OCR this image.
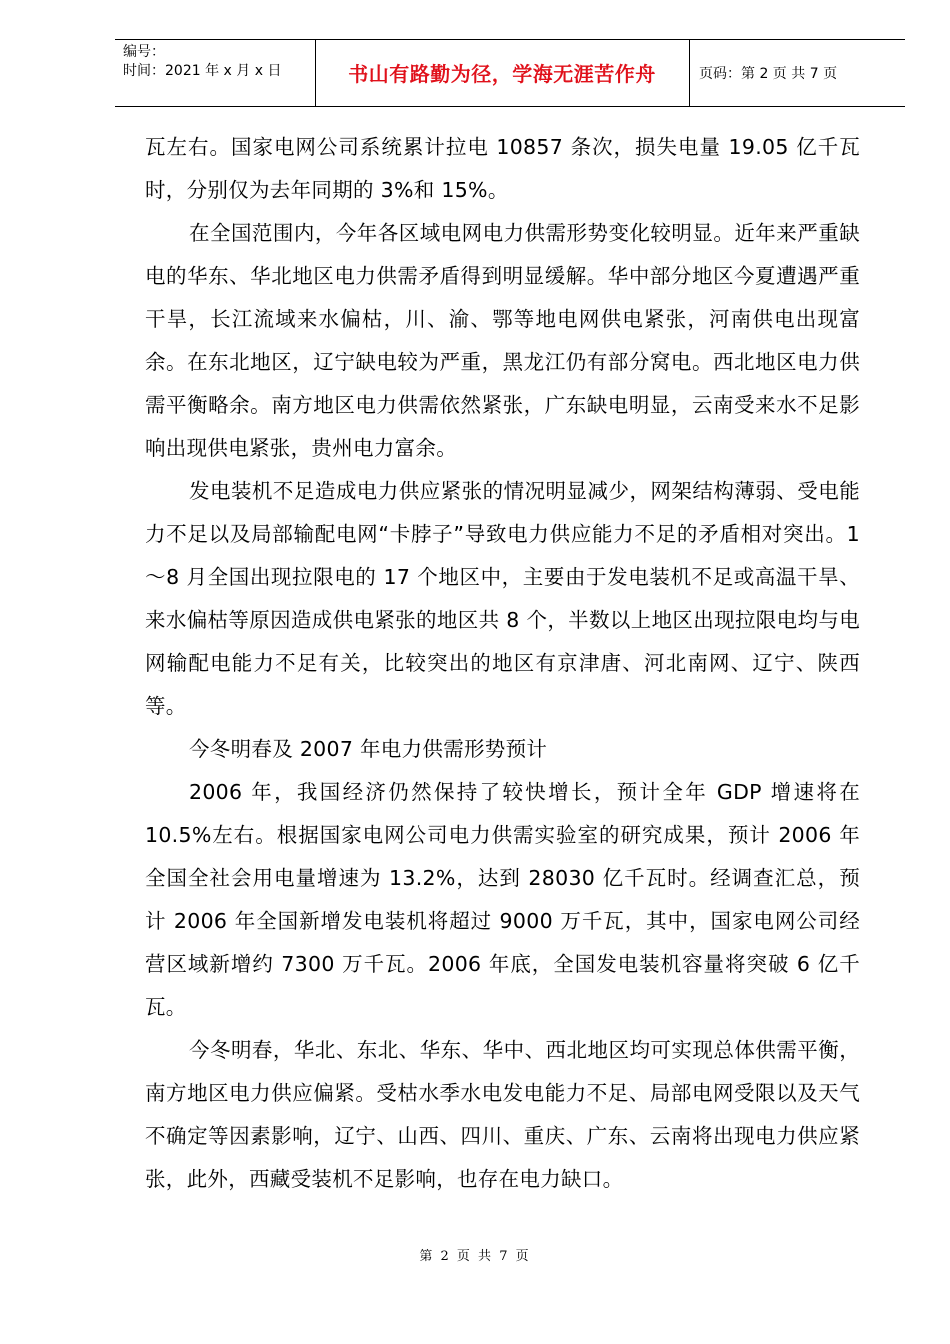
编号：
时间：2021 年 x 月 x 日	书山有路勤为径，学海无涯苦作舟	页码：第 2 页 共 7 页

瓦左右。国家电网公司系统累计拉电 10857 条次，损失电量 19.05 亿千瓦时，分别仅为去年同期的 3%和 15%。

在全国范围内，今年各区域电网电力供需形势变化较明显。近年来严重缺电的华东、华北地区电力供需矛盾得到明显缓解。华中部分地区今夏遭遇严重干旱，长江流域来水偏枯，川、渝、鄂等地电网供电紧张，河南供电出现富余。在东北地区，辽宁缺电较为严重，黑龙江仍有部分窝电。西北地区电力供需平衡略余。南方地区电力供需依然紧张，广东缺电明显，云南受来水不足影响出现供电紧张，贵州电力富余。

发电装机不足造成电力供应紧张的情况明显减少，网架结构薄弱、受电能力不足以及局部输配电网“卡脖子”导致电力供应能力不足的矛盾相对突出。1～8 月全国出现拉限电的 17 个地区中，主要由于发电装机不足或高温干旱、来水偏枯等原因造成供电紧张的地区共 8 个，半数以上地区出现拉限电均与电网输配电能力不足有关，比较突出的地区有京津唐、河北南网、辽宁、陕西等。

今冬明春及 2007 年电力供需形势预计

2006 年，我国经济仍然保持了较快增长，预计全年 GDP 增速将在 10.5%左右。根据国家电网公司电力供需实验室的研究成果，预计 2006 年全国全社会用电量增速为 13.2%，达到 28030 亿千瓦时。经调查汇总，预计 2006 年全国新增发电装机将超过 9000 万千瓦，其中，国家电网公司经营区域新增约 7300 万千瓦。2006 年底，全国发电装机容量将突破 6 亿千瓦。

今冬明春，华北、东北、华东、华中、西北地区均可实现总体供需平衡，南方地区电力供应偏紧。受枯水季水电发电能力不足、局部电网受限以及天气不确定等因素影响，辽宁、山西、四川、重庆、广东、云南将出现电力供应紧张，此外，西藏受装机不足影响，也存在电力缺口。

第 2 页 共 7 页
